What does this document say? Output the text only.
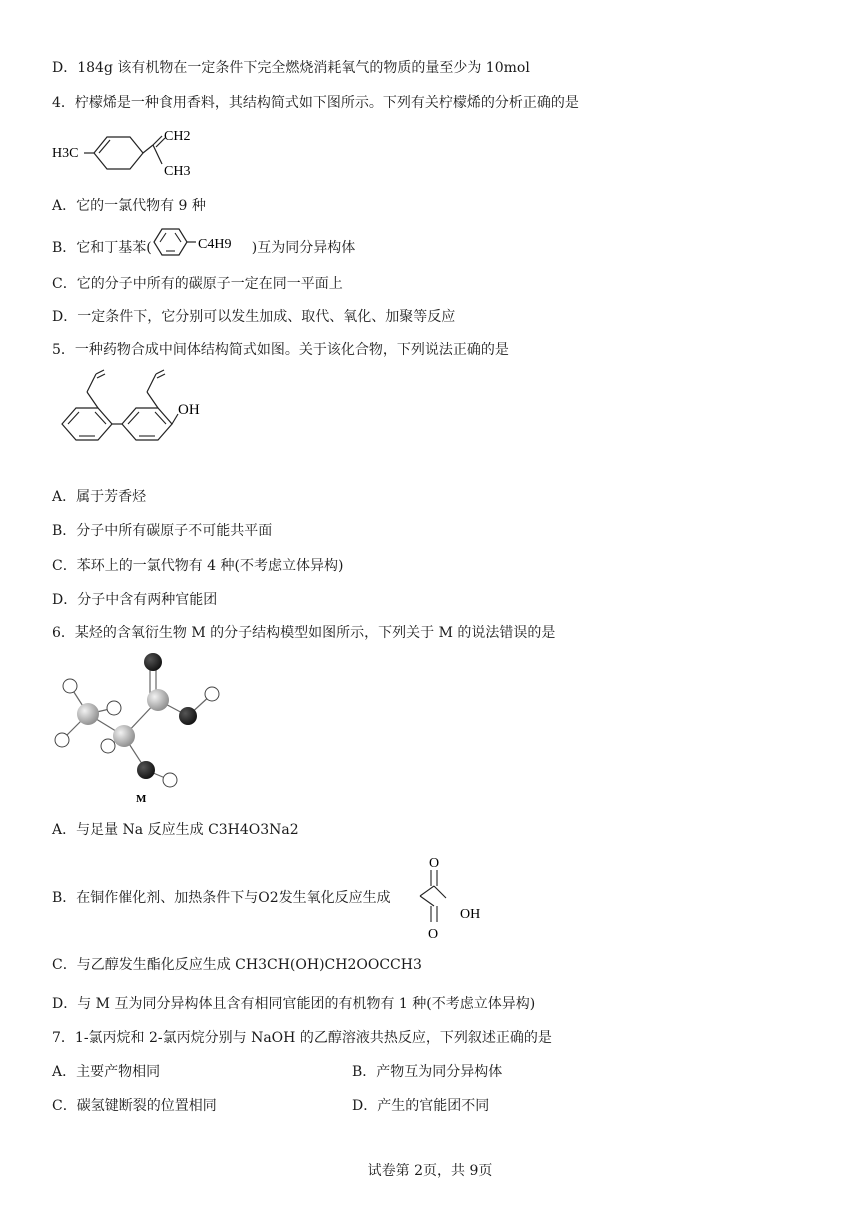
D．184g 该有机物在一定条件下完全燃烧消耗氧气的物质的量至少为 10mol
4．柠檬烯是一种食用香料，其结构简式如下图所示。下列有关柠檬烯的分析正确的是
H3C
CH2
CH3
A．它的一氯代物有 9 种
B．它和丁基苯(	C4H9 )互为同分异构体
C．它的分子中所有的碳原子一定在同一平面上
D．一定条件下，它分别可以发生加成、取代、氧化、加聚等反应
5．一种药物合成中间体结构简式如图。关于该化合物，下列说法正确的是
OH
A．属于芳香烃
B．分子中所有碳原子不可能共平面
C．苯环上的一氯代物有 4 种(不考虑立体异构)
D．分子中含有两种官能团
6．某烃的含氧衍生物 M 的分子结构模型如图所示，下列关于 M 的说法错误的是
M
A．与足量 Na 反应生成 C3H4O3Na2
B．在铜作催化剂、加热条件下与O2发生氧化反应生成
O
OH
O
C．与乙醇发生酯化反应生成 CH3CH(OH)CH2OOCCH3
D．与 M 互为同分异构体且含有相同官能团的有机物有 1 种(不考虑立体异构)
7．1-氯丙烷和 2-氯丙烷分别与 NaOH 的乙醇溶液共热反应，下列叙述正确的是
A．主要产物相同	B．产物互为同分异构体
C．碳氢键断裂的位置相同	D．产生的官能团不同
试卷第 2页，共 9页
